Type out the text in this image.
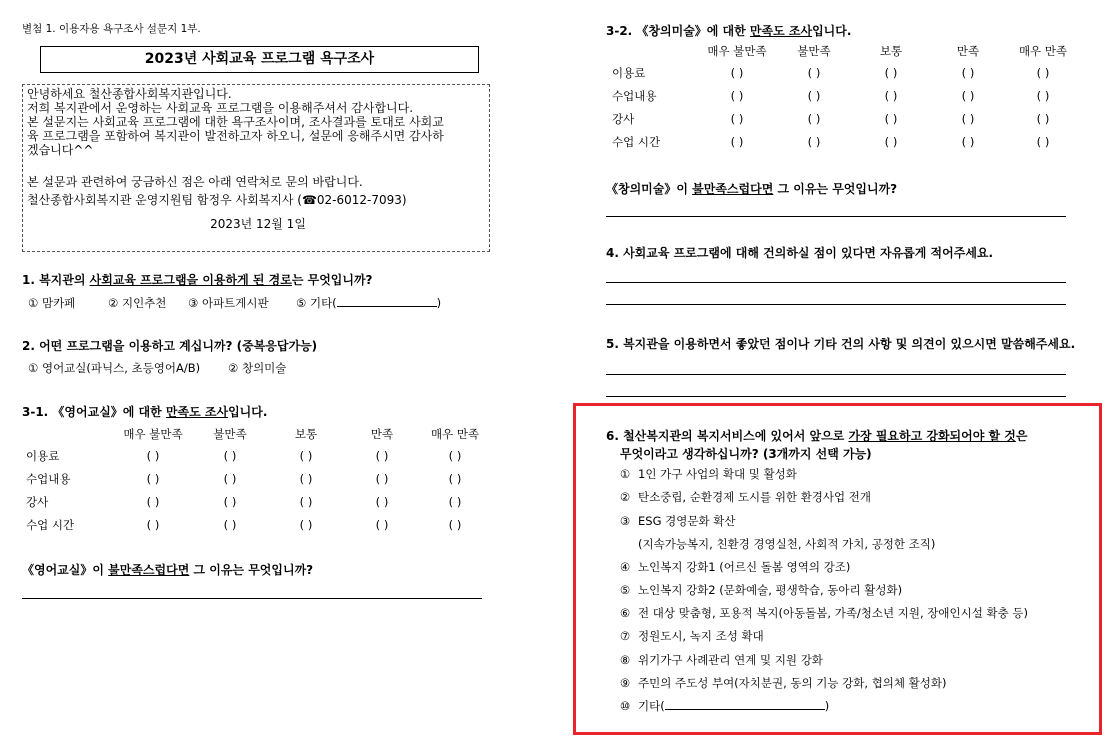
별첨 1. 이용자용 욕구조사 설문지 1부.
2023년 사회교육 프로그램 욕구조사
안녕하세요 철산종합사회복지관입니다.
저희 복지관에서 운영하는 사회교육 프로그램을 이용해주셔서 감사합니다.
본 설문지는 사회교육 프로그램에 대한 욕구조사이며, 조사결과를 토대로 사회교
육 프로그램을 포함하여 복지관이 발전하고자 하오니, 설문에 응해주시면 감사하
겠습니다^^
본 설문과 관련하여 궁금하신 점은 아래 연락처로 문의 바랍니다.
철산종합사회복지관 운영지원팀 함정우 사회복지사 (☎02-6012-7093)
2023년 12월 1일
1. 복지관의 사회교육 프로그램을 이용하게 된 경로는 무엇입니까?
① 맘카페	② 지인추천 ③ 아파트게시판 ⑤ 기타(	)
2. 어떤 프로그램을 이용하고 계십니까? (중복응답가능)
① 영어교실(파닉스, 초등영어A/B) ② 창의미술
3-1. 《영어교실》에 대한 만족도 조사입니다.
	매우 불만족	불만족	보통	만족	매우 만족
이용료	( )	( )	( )	( )	( )
수업내용	( )	( )	( )	( )	( )
강사	( )	( )	( )	( )	( )
수업 시간	( )	( )	( )	( )	( )
《영어교실》이 불만족스럽다면 그 이유는 무엇입니까?
3-2. 《창의미술》에 대한 만족도 조사입니다.
	매우 불만족	불만족	보통	만족	매우 만족
이용료	( )	( )	( )	( )	( )
수업내용	( )	( )	( )	( )	( )
강사	( )	( )	( )	( )	( )
수업 시간	( )	( )	( )	( )	( )
《창의미술》이 불만족스럽다면 그 이유는 무엇입니까?
4. 사회교육 프로그램에 대해 건의하실 점이 있다면 자유롭게 적어주세요.
5. 복지관을 이용하면서 좋았던 점이나 기타 건의 사항 및 의견이 있으시면 말씀해주세요.
6. 철산복지관의 복지서비스에 있어서 앞으로 가장 필요하고 강화되어야 할 것은
무엇이라고 생각하십니까? (3개까지 선택 가능)
① 1인 가구 사업의 확대 및 활성화
② 탄소중립, 순환경제 도시를 위한 환경사업 전개
③ ESG 경영문화 확산
(지속가능복지, 친환경 경영실천, 사회적 가치, 공정한 조직)
④ 노인복지 강화1 (어르신 돌봄 영역의 강조)
⑤ 노인복지 강화2 (문화예술, 평생학습, 동아리 활성화)
⑥ 전 대상 맞춤형, 포용적 복지(아동돌봄, 가족/청소년 지원, 장애인시설 확충 등)
⑦ 정원도시, 녹지 조성 확대
⑧ 위기가구 사례관리 연계 및 지원 강화
⑨ 주민의 주도성 부여(자치분권, 동의 기능 강화, 협의체 활성화)
⑩ 기타(	)
